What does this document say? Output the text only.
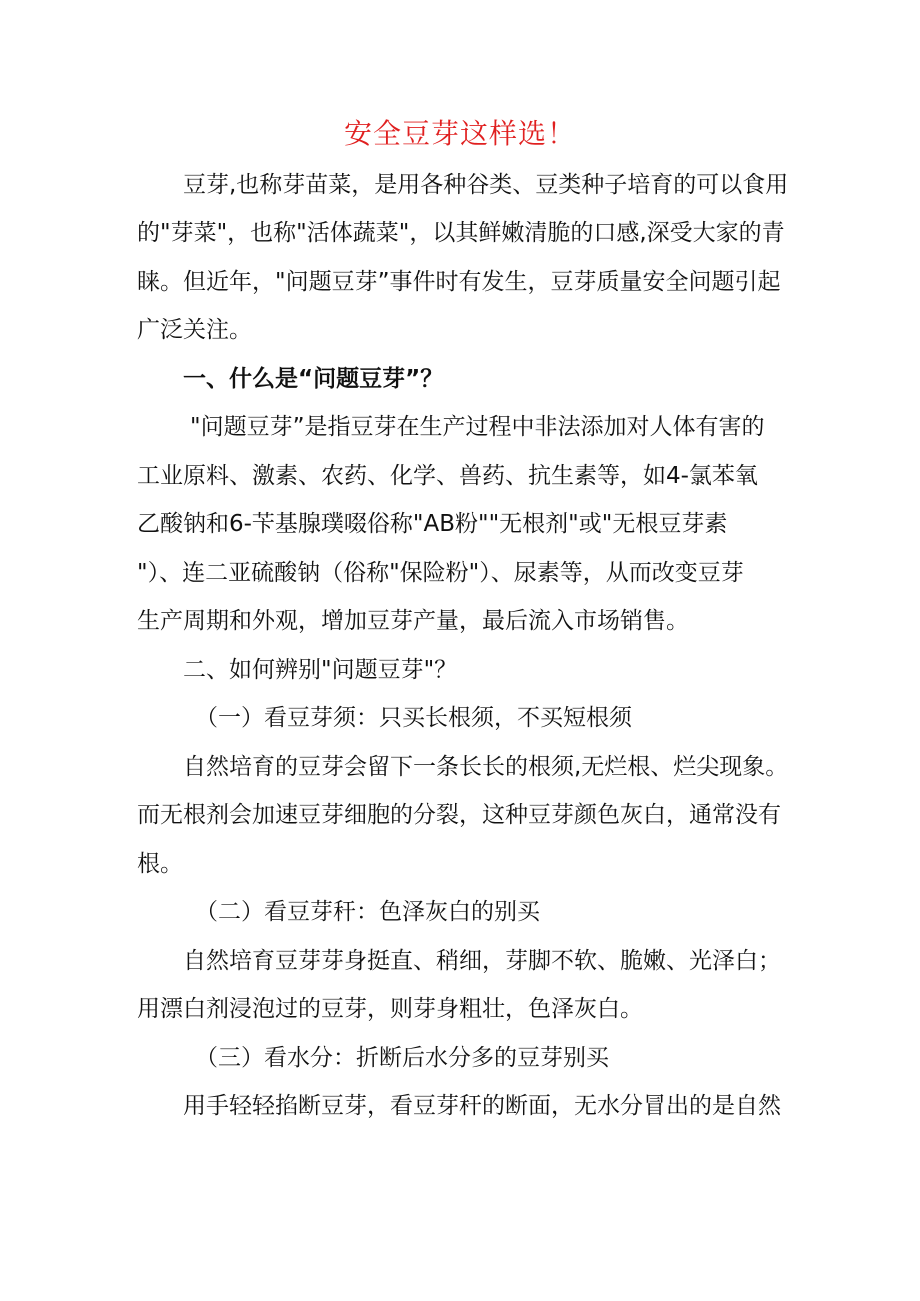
安全豆芽这样选！
豆芽,也称芽苗菜，是用各种谷类、豆类种子培育的可以食用
的"芽菜"，也称"活体蔬菜"，以其鲜嫩清脆的口感,深受大家的青
睐。但近年，"问题豆芽”事件时有发生，豆芽质量安全问题引起
广泛关注。
一、什么是“问题豆芽”？
"问题豆芽”是指豆芽在生产过程中非法添加对人体有害的
工业原料、激素、农药、化学、兽药、抗生素等，如4-氯苯氧
乙酸钠和6-苄基腺璞啜俗称"AB粉""无根剂"或"无根豆芽素
"）、连二亚硫酸钠（俗称"保险粉"）、尿素等，从而改变豆芽
生产周期和外观，增加豆芽产量，最后流入市场销售。
二、如何辨别"问题豆芽"？
（一）看豆芽须：只买长根须，不买短根须
自然培育的豆芽会留下一条长长的根须,无烂根、烂尖现象。
而无根剂会加速豆芽细胞的分裂，这种豆芽颜色灰白，通常没有
根。
（二）看豆芽秆：色泽灰白的别买
自然培育豆芽芽身挺直、稍细，芽脚不软、脆嫩、光泽白；
用漂白剂浸泡过的豆芽，则芽身粗壮，色泽灰白。
（三）看水分：折断后水分多的豆芽别买
用手轻轻掐断豆芽，看豆芽秆的断面，无水分冒出的是自然
